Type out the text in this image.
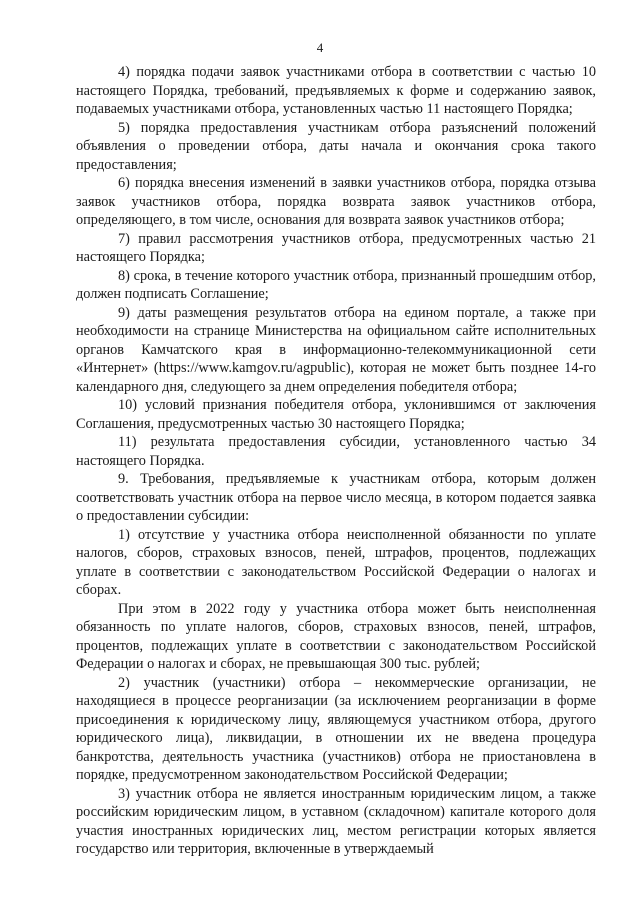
4

4) порядка подачи заявок участниками отбора в соответствии с частью 10 настоящего Порядка, требований, предъявляемых к форме и содержанию заявок, подаваемых участниками отбора, установленных частью 11 настоящего Порядка;

5) порядка предоставления участникам отбора разъяснений положений объявления о проведении отбора, даты начала и окончания срока такого предоставления;

6) порядка внесения изменений в заявки участников отбора, порядка отзыва заявок участников отбора, порядка возврата заявок участников отбора, определяющего, в том числе, основания для возврата заявок участников отбора;

7) правил рассмотрения участников отбора, предусмотренных частью 21 настоящего Порядка;

8) срока, в течение которого участник отбора, признанный прошедшим отбор, должен подписать Соглашение;

9) даты размещения результатов отбора на едином портале, а также при необходимости на странице Министерства на официальном сайте исполнительных органов Камчатского края в информационно-телекоммуникационной сети «Интернет» (https://www.kamgov.ru/agpublic), которая не может быть позднее 14-го календарного дня, следующего за днем определения победителя отбора;

10) условий признания победителя отбора, уклонившимся от заключения Соглашения, предусмотренных частью 30 настоящего Порядка;

11) результата предоставления субсидии, установленного частью 34 настоящего Порядка.

9. Требования, предъявляемые к участникам отбора, которым должен соответствовать участник отбора на первое число месяца, в котором подается заявка о предоставлении субсидии:

1) отсутствие у участника отбора неисполненной обязанности по уплате налогов, сборов, страховых взносов, пеней, штрафов, процентов, подлежащих уплате в соответствии с законодательством Российской Федерации о налогах и сборах.

При этом в 2022 году у участника отбора может быть неисполненная обязанность по уплате налогов, сборов, страховых взносов, пеней, штрафов, процентов, подлежащих уплате в соответствии с законодательством Российской Федерации о налогах и сборах, не превышающая 300 тыс. рублей;

2) участник (участники) отбора – некоммерческие организации, не находящиеся в процессе реорганизации (за исключением реорганизации в форме присоединения к юридическому лицу, являющемуся участником отбора, другого юридического лица), ликвидации, в отношении их не введена процедура банкротства, деятельность участника (участников) отбора не приостановлена в порядке, предусмотренном законодательством Российской Федерации;

3) участник отбора не является иностранным юридическим лицом, а также российским юридическим лицом, в уставном (складочном) капитале которого доля участия иностранных юридических лиц, местом регистрации которых является государство или территория, включенные в утверждаемый
